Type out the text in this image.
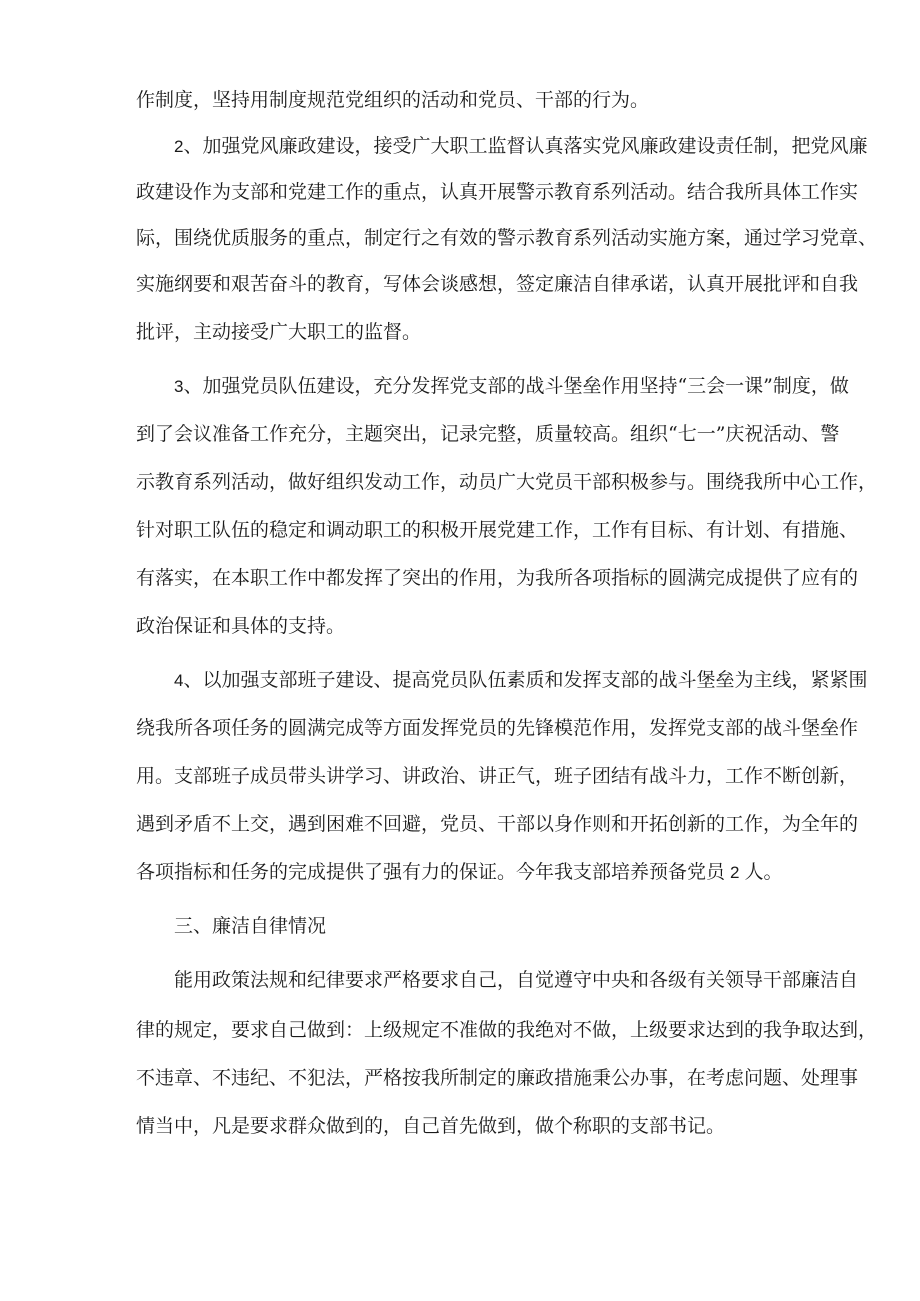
作制度，坚持用制度规范党组织的活动和党员、干部的行为。
2、加强党风廉政建设，接受广大职工监督认真落实党风廉政建设责任制，把党风廉
政建设作为支部和党建工作的重点，认真开展警示教育系列活动。结合我所具体工作实
际，围绕优质服务的重点，制定行之有效的警示教育系列活动实施方案，通过学习党章、
实施纲要和艰苦奋斗的教育，写体会谈感想，签定廉洁自律承诺，认真开展批评和自我
批评，主动接受广大职工的监督。
3、加强党员队伍建设，充分发挥党支部的战斗堡垒作用坚持“三会一课”制度，做
到了会议准备工作充分，主题突出，记录完整，质量较高。组织“七一”庆祝活动、警
示教育系列活动，做好组织发动工作，动员广大党员干部积极参与。围绕我所中心工作，
针对职工队伍的稳定和调动职工的积极开展党建工作，工作有目标、有计划、有措施、
有落实，在本职工作中都发挥了突出的作用，为我所各项指标的圆满完成提供了应有的
政治保证和具体的支持。
4、以加强支部班子建设、提高党员队伍素质和发挥支部的战斗堡垒为主线，紧紧围
绕我所各项任务的圆满完成等方面发挥党员的先锋模范作用，发挥党支部的战斗堡垒作
用。支部班子成员带头讲学习、讲政治、讲正气，班子团结有战斗力，工作不断创新，
遇到矛盾不上交，遇到困难不回避，党员、干部以身作则和开拓创新的工作，为全年的
各项指标和任务的完成提供了强有力的保证。今年我支部培养预备党员 2 人。
三、廉洁自律情况
能用政策法规和纪律要求严格要求自己，自觉遵守中央和各级有关领导干部廉洁自
律的规定，要求自己做到：上级规定不准做的我绝对不做，上级要求达到的我争取达到，
不违章、不违纪、不犯法，严格按我所制定的廉政措施秉公办事，在考虑问题、处理事
情当中，凡是要求群众做到的，自己首先做到，做个称职的支部书记。
